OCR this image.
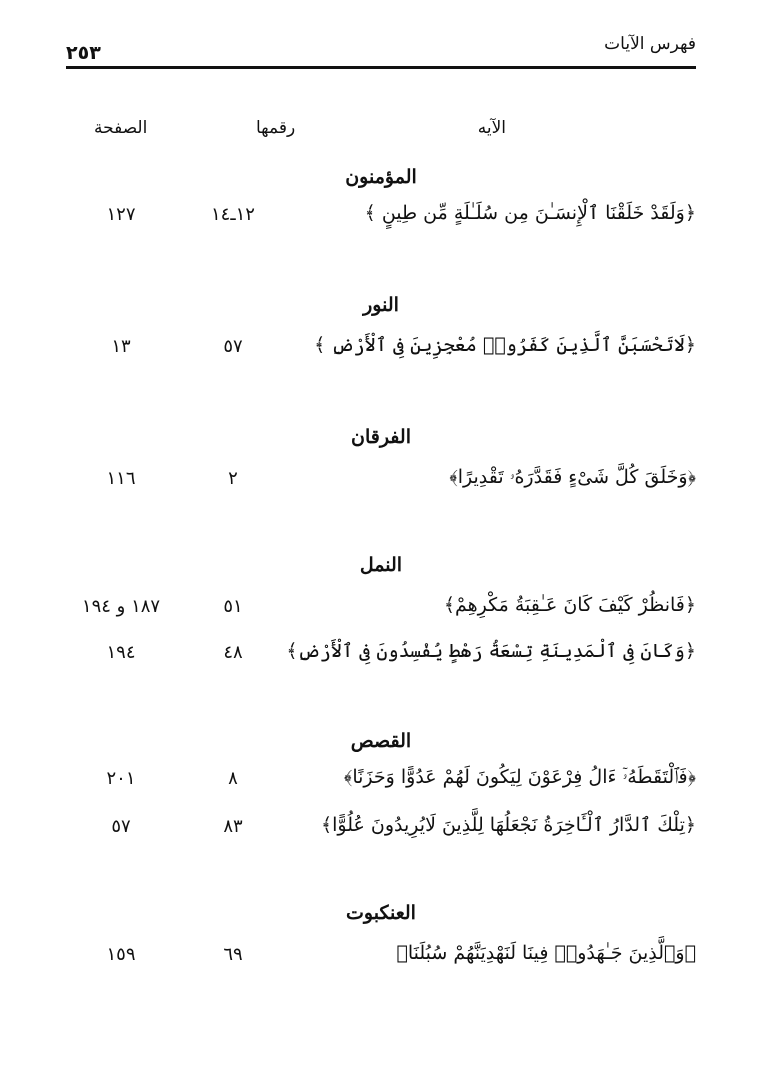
فهرس الآيات
٢٥٣
الآيه
رقمها
الصفحة
المؤمنون
﴿وَلَقَدْ خَلَقْنَا ٱلْإِنسَـٰنَ مِن سُلَـٰلَةٍ مِّن طِينٍ ﴾
١٢ـ١٤
١٢٧
النور
﴿لَاتَحْسَبَنَّ ٱلَّذِينَ كَفَرُوا۟ مُعْجِزِينَ فِى ٱلْأَرْضِ ﴾
٥٧
١٣
الفرقان
﴿وَخَلَقَ كُلَّ شَىْءٍ فَقَدَّرَهُۥ تَقْدِيرًا﴾
٢
١١٦
النمل
﴿فَانظُرْ كَيْفَ كَانَ عَـٰقِبَةُ مَكْرِهِمْ﴾
٥١
١٨٧ و ١٩٤
﴿وَكَانَ فِى ٱلْمَدِينَةِ تِسْعَةُ رَهْطٍ يُفْسِدُونَ فِى ٱلْأَرْضِ﴾
٤٨
١٩٤
القصص
﴿فَٱلْتَقَطَهُۥٓ ءَالُ فِرْعَوْنَ لِيَكُونَ لَهُمْ عَدُوًّا وَحَزَنًا﴾
٨
٢٠١
﴿تِلْكَ ٱلدَّارُ ٱلْـَٔاخِرَةُ نَجْعَلُهَا لِلَّذِينَ لَايُرِيدُونَ عُلُوًّا﴾
٨٣
٥٧
العنكبوت
﴿وَٱلَّذِينَ جَـٰهَدُوا۟ فِينَا لَنَهْدِيَنَّهُمْ سُبُلَنَا﴾
٦٩
١٥٩
